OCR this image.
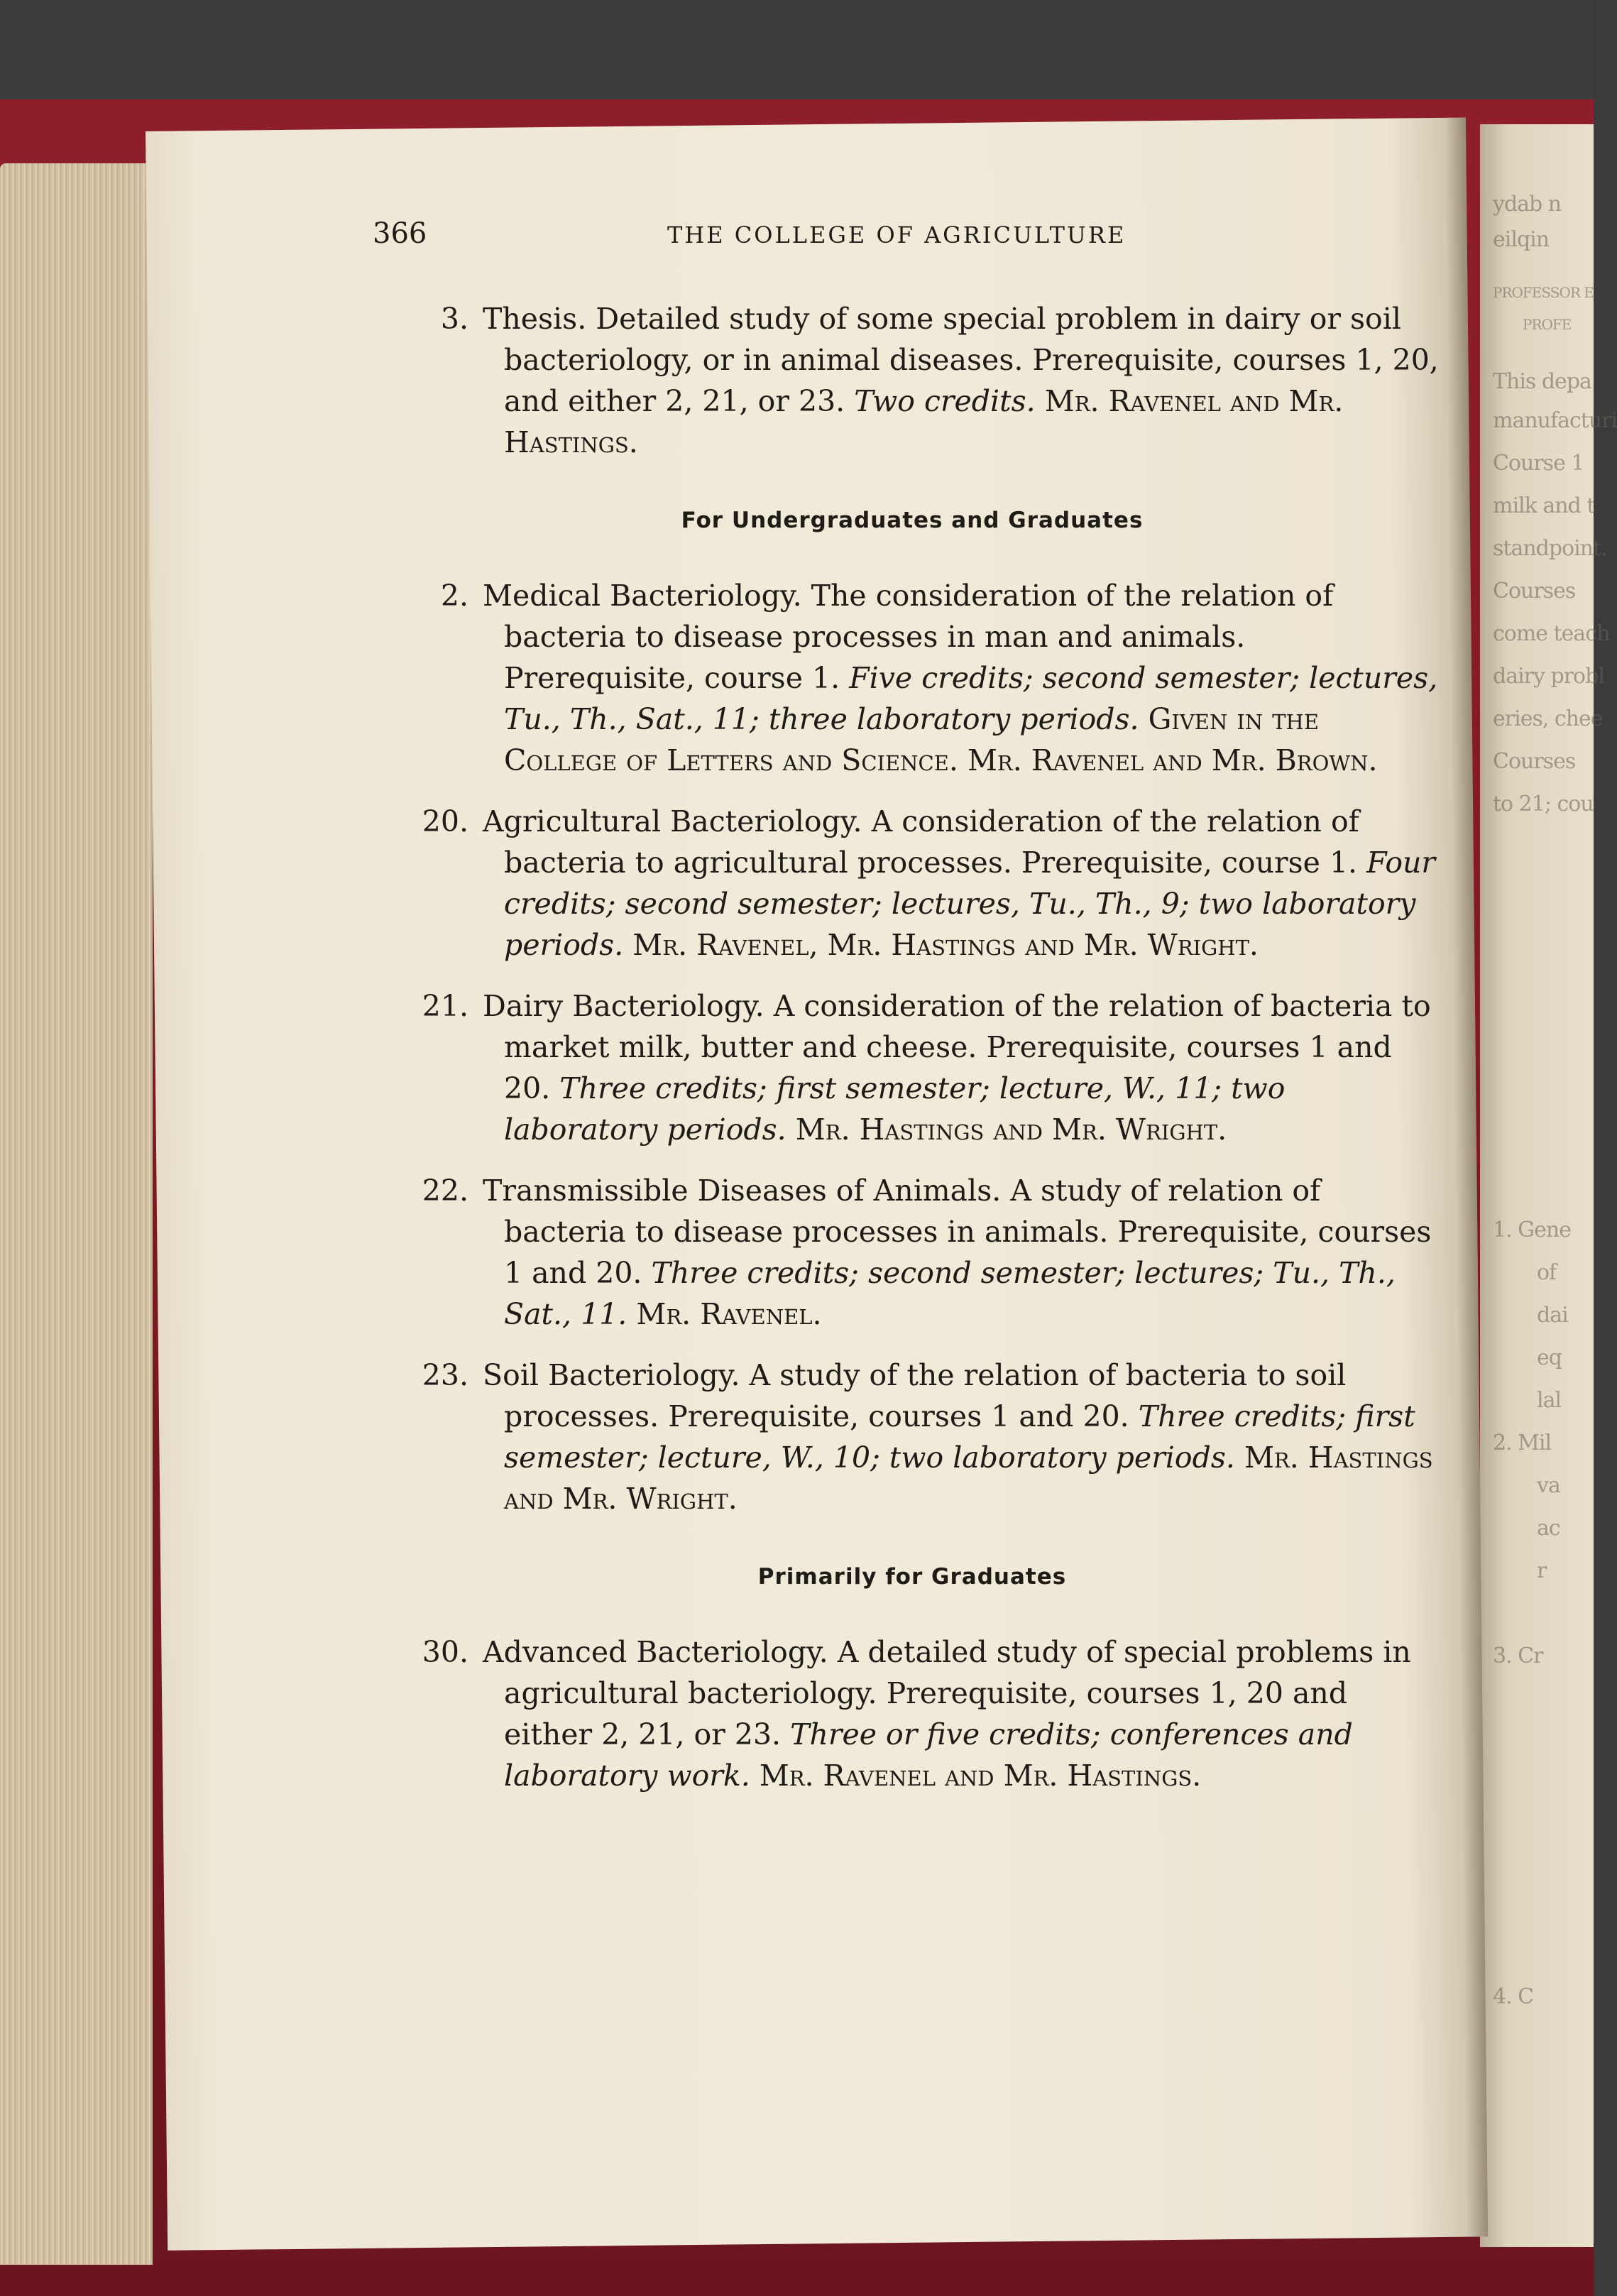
ydab n
eilqin
PROFESSOR E
PROFE
This depa
manufacturi
Course 1
milk and t
standpoint.
Courses
come teach
dairy probl
eries, chee
Courses
to 21; cou
1. Gene
of
dai
eq
lal
2. Mil
va
ac
r
3. Cr
4. C
366	THE COLLEGE OF AGRICULTURE
3. Thesis. Detailed study of some special problem in dairy or soil bacteriology, or in animal diseases. Prerequisite, courses 1, 20, and either 2, 21, or 23. Two credits. Mr. Ravenel and Mr. Hastings.
For Undergraduates and Graduates
2. Medical Bacteriology. The consideration of the relation of bacteria to disease processes in man and animals. Prerequisite, course 1. Five credits; second semester; lectures, Tu., Th., Sat., 11; three laboratory periods. Given in the College of Letters and Science. Mr. Ravenel and Mr. Brown.
20. Agricultural Bacteriology. A consideration of the relation of bacteria to agricultural processes. Prerequisite, course 1. Four credits; second semester; lectures, Tu., Th., 9; two laboratory periods. Mr. Ravenel, Mr. Hastings and Mr. Wright.
21. Dairy Bacteriology. A consideration of the relation of bacteria to market milk, butter and cheese. Prerequisite, courses 1 and 20. Three credits; first semester; lecture, W., 11; two laboratory periods. Mr. Hastings and Mr. Wright.
22. Transmissible Diseases of Animals. A study of relation of bacteria to disease processes in animals. Prerequisite, courses 1 and 20. Three credits; second semester; lectures; Tu., Th., Sat., 11. Mr. Ravenel.
23. Soil Bacteriology. A study of the relation of bacteria to soil processes. Prerequisite, courses 1 and 20. Three credits; first semester; lecture, W., 10; two laboratory periods. Mr. Hastings and Mr. Wright.
Primarily for Graduates
30. Advanced Bacteriology. A detailed study of special problems in agricultural bacteriology. Prerequisite, courses 1, 20 and either 2, 21, or 23. Three or five credits; conferences and laboratory work. Mr. Ravenel and Mr. Hastings.
